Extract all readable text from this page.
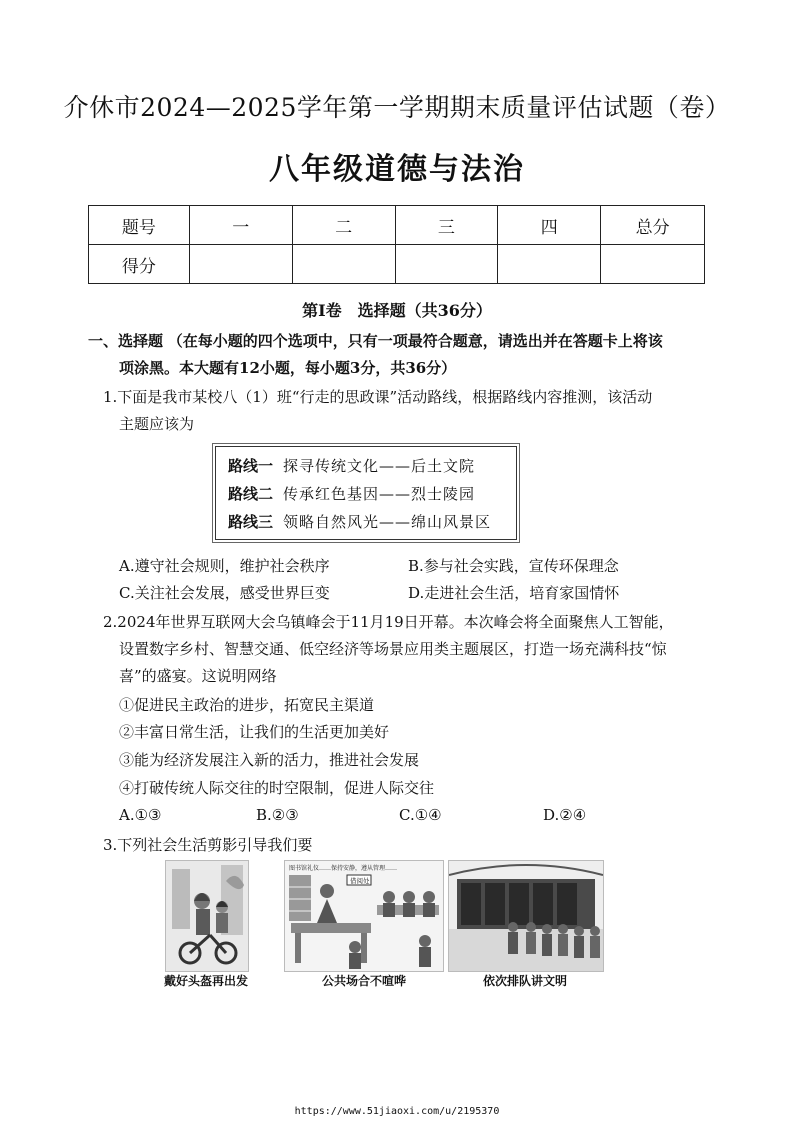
介休市2024—2025学年第一学期期末质量评估试题（卷）
八年级道德与法治
题号	一	二	三	四	总分
得分					
第Ⅰ卷　选择题（共36分）
一、选择题 （在每小题的四个选项中，只有一项最符合题意，请选出并在答题卡上将该
项涂黑。本大题有12小题，每小题3分，共36分）
1.下面是我市某校八（1）班“行走的思政课”活动路线，根据路线内容推测，该活动
主题应该为
路线一 探寻传统文化——后土文院
路线二 传承红色基因——烈士陵园
路线三 领略自然风光——绵山风景区
A.遵守社会规则，维护社会秩序	B.参与社会实践，宣传环保理念
C.关注社会发展，感受世界巨变	D.走进社会生活，培育家国情怀
2.2024年世界互联网大会乌镇峰会于11月19日开幕。本次峰会将全面聚焦人工智能，
设置数字乡村、智慧交通、低空经济等场景应用类主题展区，打造一场充满科技“惊
喜”的盛宴。这说明网络
①促进民主政治的进步，拓宽民主渠道
②丰富日常生活，让我们的生活更加美好
③能为经济发展注入新的活力，推进社会发展
④打破传统人际交往的时空限制，促进人际交往
A.①③	B.②③	C.①④	D.②④
3.下列社会生活剪影引导我们要
戴好头盔再出发
图书馆礼仪……保持安静，遵从管理……
借阅处
公共场合不喧哗	依次排队讲文明
https://www.51jiaoxi.com/u/2195370
